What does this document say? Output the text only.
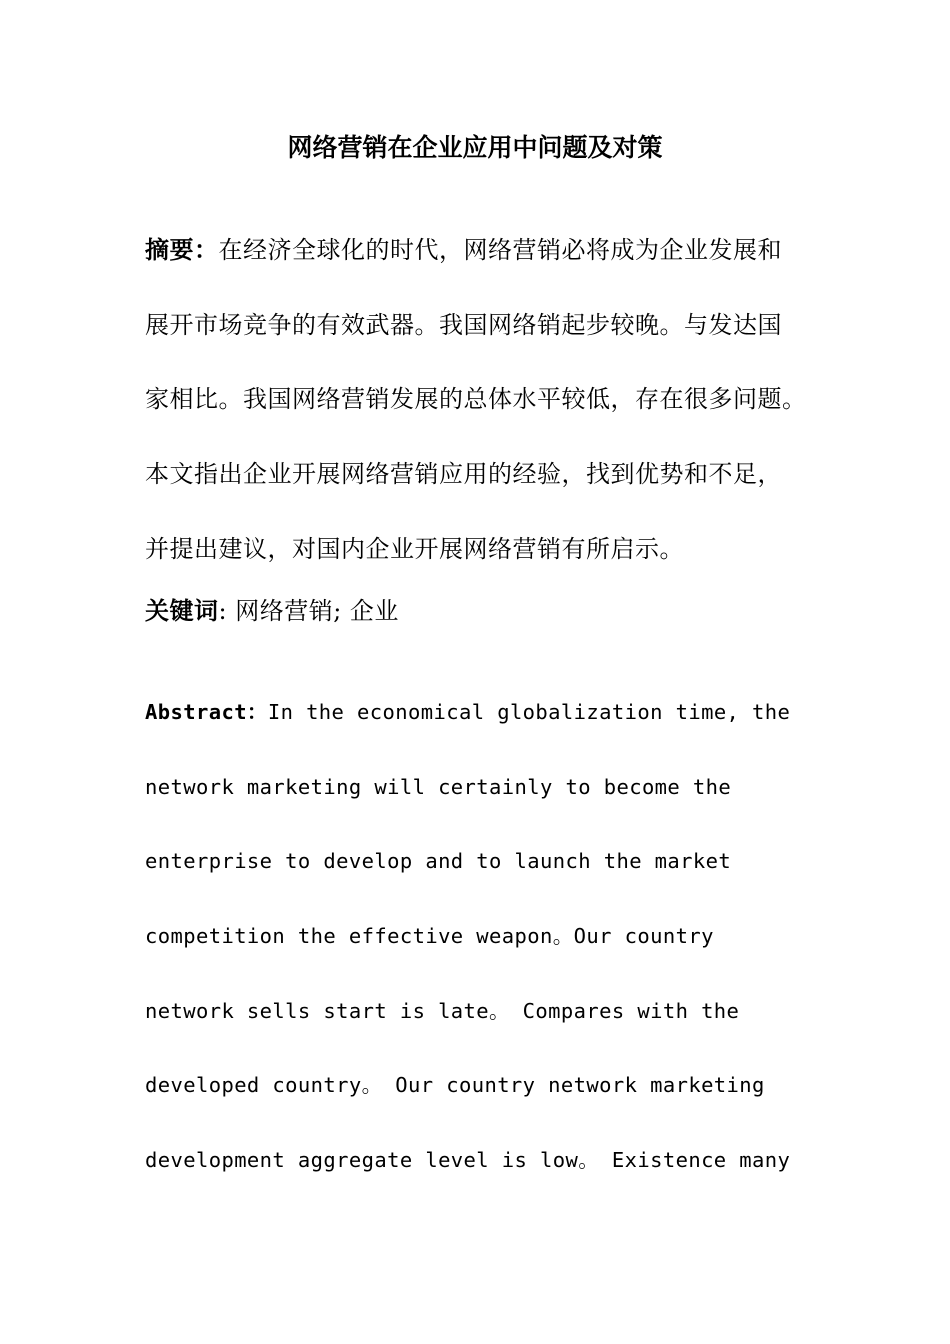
网络营销在企业应用中问题及对策
摘要：在经济全球化的时代，网络营销必将成为企业发展和
展开市场竞争的有效武器。我国网络销起步较晚。与发达国
家相比。我国网络营销发展的总体水平较低，存在很多问题。
本文指出企业开展网络营销应用的经验，找到优势和不足，
并提出建议，对国内企业开展网络营销有所启示。
关键词: 网络营销; 企业
Abstract：In the economical globalization time, the
network marketing will certainly to become the
enterprise to develop and to launch the market
competition the effective weapon。Our country
network sells start is late。 Compares with the
developed country。 Our country network marketing
development aggregate level is low。 Existence many
